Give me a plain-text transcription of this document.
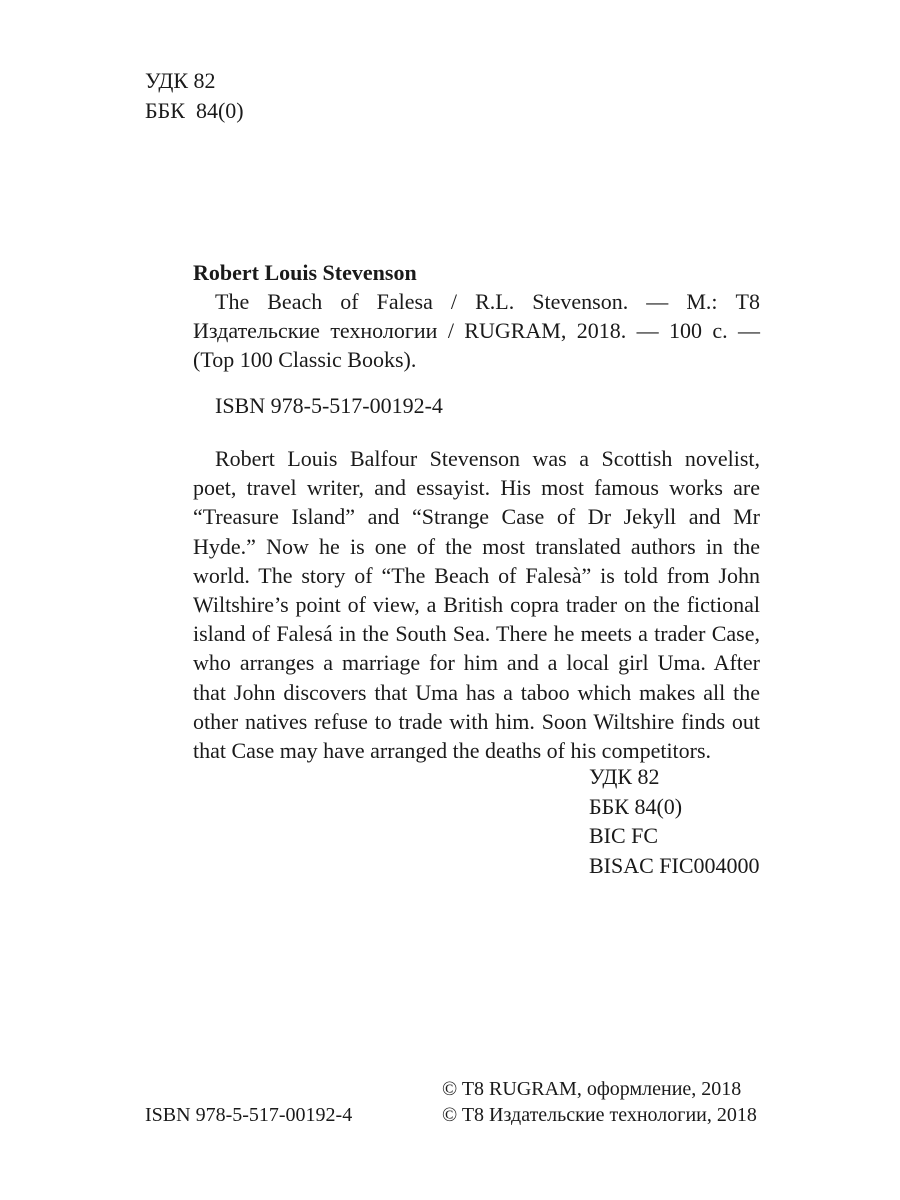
УДК 82
ББК  84(0)

Robert Louis Stevenson

The Beach of Falesa / R.L. Stevenson. — М.: T8 Издательские технологии / RUGRAM, 2018. — 100 с. — (Top 100 Classic Books).

ISBN 978-5-517-00192-4

Robert Louis Balfour Stevenson was a Scottish novelist, poet, travel writer, and essayist. His most famous works are “Treasure Island” and “Strange Case of Dr Jekyll and Mr Hyde.” Now he is one of the most translated authors in the world. The story of “The Beach of Falesà” is told from John Wiltshire’s point of view, a British copra trader on the fictional island of Falesá in the South Sea. There he meets a trader Case, who arranges a marriage for him and a local girl Uma. After that John discovers that Uma has a taboo which makes all the other natives refuse to trade with him. Soon Wiltshire finds out that Case may have arranged the deaths of his competitors.

УДК 82
ББК 84(0)
BIC FC
BISAC FIC004000
ISBN 978-5-517-00192-4
© T8 RUGRAM, оформление, 2018
© T8 Издательские технологии, 2018
